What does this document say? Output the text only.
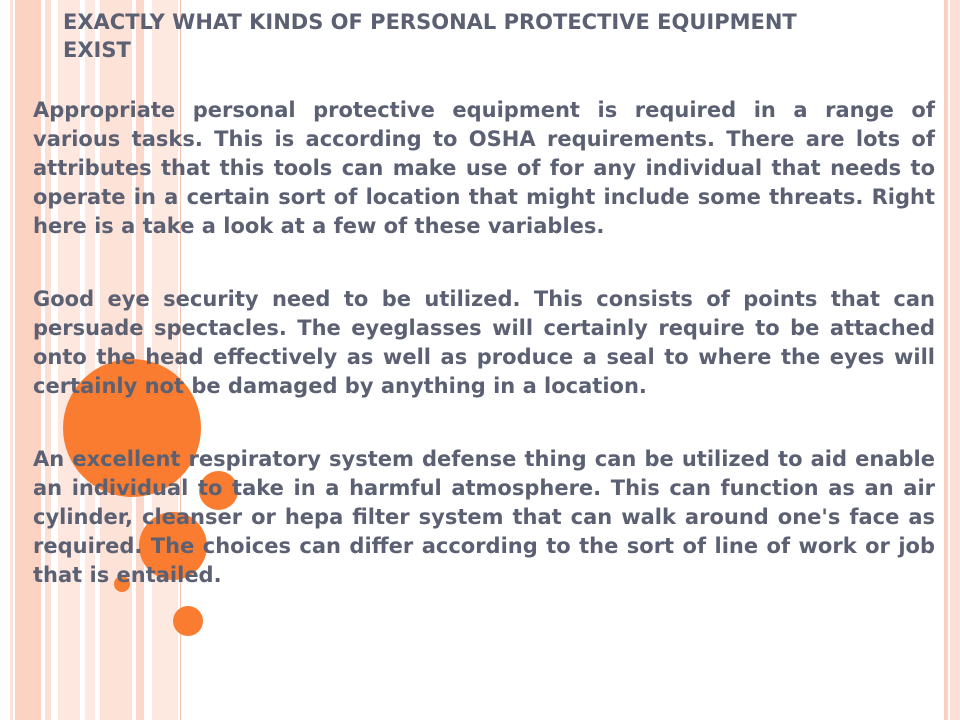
EXACTLY WHAT KINDS OF PERSONAL PROTECTIVE EQUIPMENT EXIST

Appropriate personal protective equipment is required in a range of various tasks. This is according to OSHA requirements. There are lots of attributes that this tools can make use of for any individual that needs to operate in a certain sort of location that might include some threats. Right here is a take a look at a few of these variables.

Good eye security need to be utilized. This consists of points that can persuade spectacles. The eyeglasses will certainly require to be attached onto the head effectively as well as produce a seal to where the eyes will certainly not be damaged by anything in a location.

An excellent respiratory system defense thing can be utilized to aid enable an individual to take in a harmful atmosphere. This can function as an air cylinder, cleanser or hepa filter system that can walk around one's face as required. The choices can differ according to the sort of line of work or job that is entailed.
